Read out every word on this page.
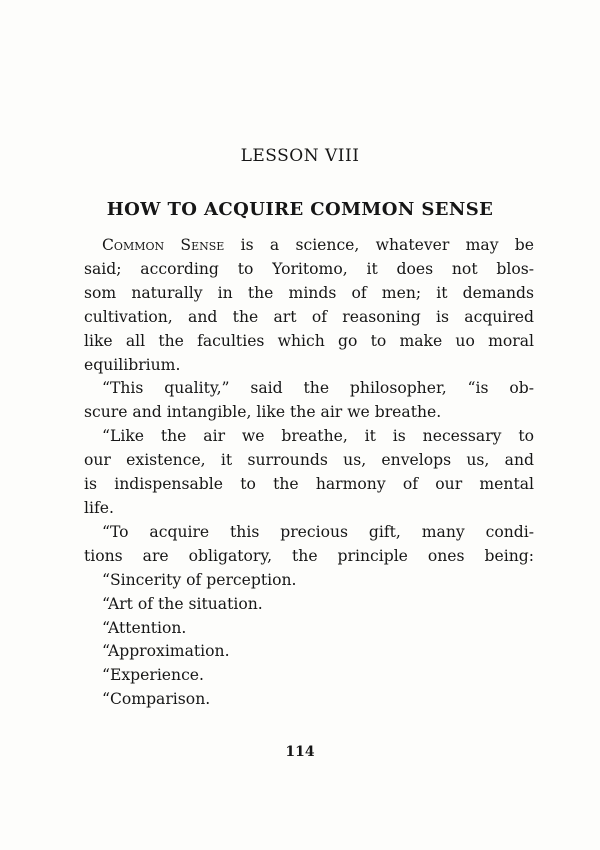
LESSON VIII
HOW TO ACQUIRE COMMON SENSE
Common Sense is a science, whatever may be
said; according to Yoritomo, it does not blos-
som naturally in the minds of men; it demands
cultivation, and the art of reasoning is acquired
like all the faculties which go to make uo moral
equilibrium.
“This quality,” said the philosopher, “is ob-
scure and intangible, like the air we breathe.
“Like the air we breathe, it is necessary to
our existence, it surrounds us, envelops us, and
is indispensable to the harmony of our mental
life.
“To acquire this precious gift, many condi-
tions are obligatory, the principle ones being:
“Sincerity of perception.
“Art of the situation.
“Attention.
“Approximation.
“Experience.
“Comparison.
114
